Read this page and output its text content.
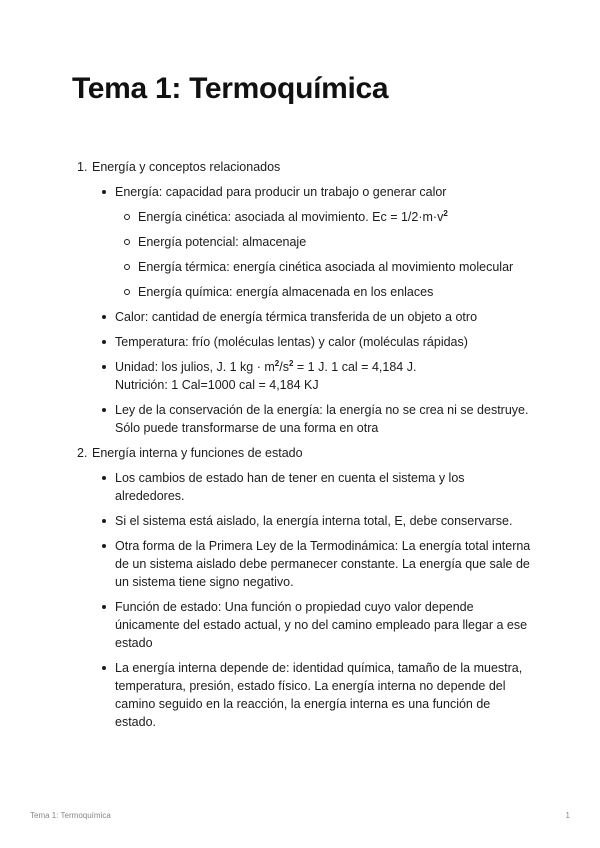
Tema 1: Termoquímica
1. Energía y conceptos relacionados
Energía: capacidad para producir un trabajo o generar calor
Energía cinética: asociada al movimiento. $Ec = 1/2\cdot m\cdot v^2$
Energía potencial: almacenaje
Energía térmica: energía cinética asociada al movimiento molecular
Energía química: energía almacenada en los enlaces
Calor: cantidad de energía térmica transferida de un objeto a otro
Temperatura: frío (moléculas lentas) y calor (moléculas rápidas)
Unidad: los julios, J. 1 kg · $m^2/s^2 = 1$ J. 1 cal = 4,184 J.
Nutrición: 1 Cal=1000 cal = 4,184 KJ
Ley de la conservación de la energía: la energía no se crea ni se destruye. Sólo puede transformarse de una forma en otra
2. Energía interna y funciones de estado
Los cambios de estado han de tener en cuenta el sistema y los alrededores.
Si el sistema está aislado, la energía interna total, E, debe conservarse.
Otra forma de la Primera Ley de la Termodinámica: La energía total interna de un sistema aislado debe permanecer constante. La energía que sale de un sistema tiene signo negativo.
Función de estado: Una función o propiedad cuyo valor depende únicamente del estado actual, y no del camino empleado para llegar a ese estado
La energía interna depende de: identidad química, tamaño de la muestra, temperatura, presión, estado físico. La energía interna no depende del camino seguido en la reacción, la energía interna es una función de estado.
Tema 1: Termoquímica	1
